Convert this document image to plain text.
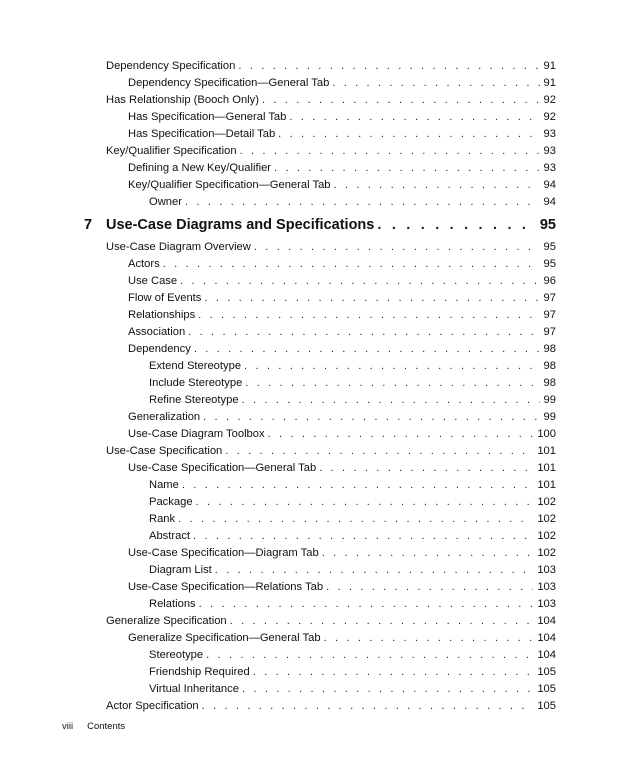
Dependency Specification . . .	91
Dependency Specification—General Tab . . .	91
Has Relationship (Booch Only) . . .	92
Has Specification—General Tab . . .	92
Has Specification—Detail Tab . . .	93
Key/Qualifier Specification . . .	93
Defining a New Key/Qualifier . . .	93
Key/Qualifier Specification—General Tab . . .	94
Owner . . .	94
7 Use-Case Diagrams and Specifications . . .	95
Use-Case Diagram Overview . . .	95
Actors . . .	95
Use Case . . .	96
Flow of Events . . .	97
Relationships . . .	97
Association . . .	97
Dependency . . .	98
Extend Stereotype . . .	98
Include Stereotype . . .	98
Refine Stereotype . . .	99
Generalization . . .	99
Use-Case Diagram Toolbox . . .	100
Use-Case Specification . . .	101
Use-Case Specification—General Tab . . .	101
Name . . .	101
Package . . .	102
Rank . . .	102
Abstract . . .	102
Use-Case Specification—Diagram Tab . . .	102
Diagram List . . .	103
Use-Case Specification—Relations Tab . . .	103
Relations . . .	103
Generalize Specification . . .	104
Generalize Specification—General Tab . . .	104
Stereotype . . .	104
Friendship Required . . .	105
Virtual Inheritance . . .	105
Actor Specification . . .	105
viii Contents
